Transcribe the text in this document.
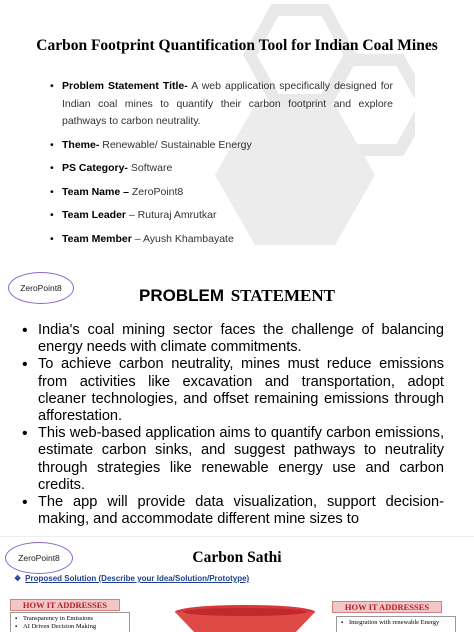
Carbon Footprint Quantification Tool for Indian Coal Mines
• Problem Statement Title- A web application specifically designed for Indian coal mines to quantify their carbon footprint and explore pathways to carbon neutrality.
• Theme- Renewable/ Sustainable Energy
• PS Category- Software
• Team Name – ZeroPoint8
• Team Leader – Ruturaj Amrutkar
• Team Member – Ayush Khambayate
ZeroPoint8	PROBLEM STATEMENT
• India's coal mining sector faces the challenge of balancing energy needs with climate commitments.
• To achieve carbon neutrality, mines must reduce emissions from activities like excavation and transportation, adopt cleaner technologies, and offset remaining emissions through afforestation.
• This web-based application aims to quantify carbon emissions, estimate carbon sinks, and suggest pathways to neutrality through strategies like renewable energy use and carbon credits.
• The app will provide data visualization, support decision-making, and accommodate different mine sizes to
ZeroPoint8	Carbon Sathi
❖ Proposed Solution (Describe your Idea/Solution/Prototype)
HOW IT ADDRESSES
▪ Transparency in Emissions
▪ AI Driven Decision Making
HOW IT ADDRESSES
▪ Integration with renewable Energy
